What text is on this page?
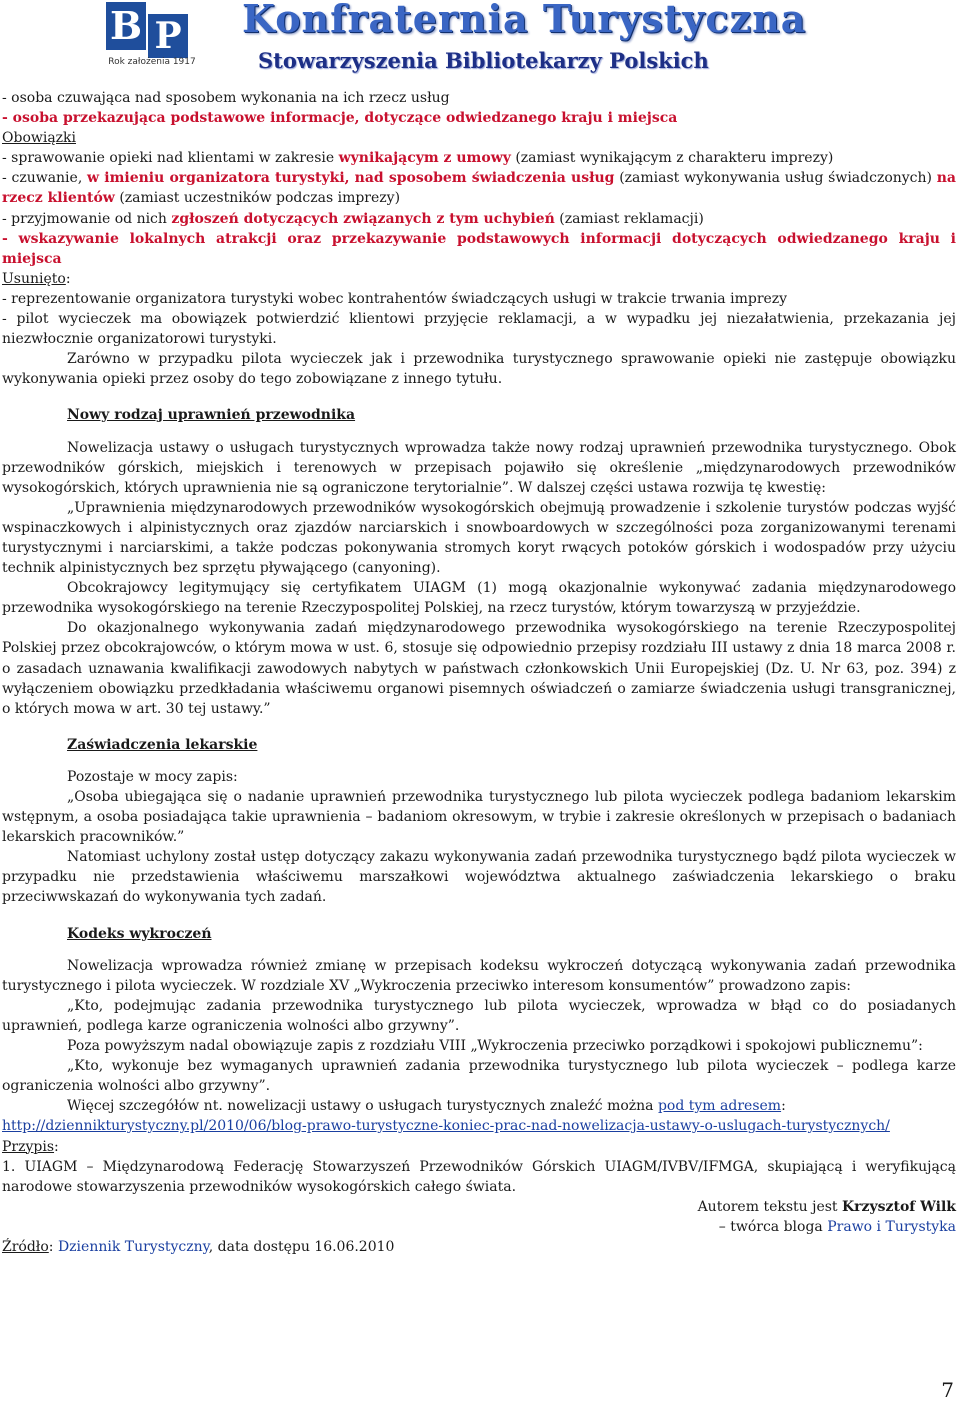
B P
Rok założenia 1917
Konfraternia Turystyczna
Stowarzyszenia Bibliotekarzy Polskich

- osoba czuwająca nad sposobem wykonania na ich rzecz usług

- osoba przekazująca podstawowe informacje, dotyczące odwiedzanego kraju i miejsca

Obowiązki

- sprawowanie opieki nad klientami w zakresie wynikającym z umowy (zamiast wynikającym z charakteru imprezy)

- czuwanie, w imieniu organizatora turystyki, nad sposobem świadczenia usług (zamiast wykonywania usług świadczonych) na rzecz klientów (zamiast uczestników podczas imprezy)

- przyjmowanie od nich zgłoszeń dotyczących związanych z tym uchybień (zamiast reklamacji)

- wskazywanie lokalnych atrakcji oraz przekazywanie podstawowych informacji dotyczących odwiedzanego kraju i miejsca

Usunięto:

- reprezentowanie organizatora turystyki wobec kontrahentów świadczących usługi w trakcie trwania imprezy

- pilot wycieczek ma obowiązek potwierdzić klientowi przyjęcie reklamacji, a w wypadku jej niezałatwienia, przekazania jej niezwłocznie organizatorowi turystyki.

Zarówno w przypadku pilota wycieczek jak i przewodnika turystycznego sprawowanie opieki nie zastępuje obowiązku wykonywania opieki przez osoby do tego zobowiązane z innego tytułu.

Nowy rodzaj uprawnień przewodnika

Nowelizacja ustawy o usługach turystycznych wprowadza także nowy rodzaj uprawnień przewodnika turystycznego. Obok przewodników górskich, miejskich i terenowych w przepisach pojawiło się określenie „międzynarodowych przewodników wysokogórskich, których uprawnienia nie są ograniczone terytorialnie”. W dalszej części ustawa rozwija tę kwestię:

„Uprawnienia międzynarodowych przewodników wysokogórskich obejmują prowadzenie i szkolenie turystów podczas wyjść wspinaczkowych i alpinistycznych oraz zjazdów narciarskich i snowboardowych w szczególności poza zorganizowanymi terenami turystycznymi i narciarskimi, a także podczas pokonywania stromych koryt rwących potoków górskich i wodospadów przy użyciu technik alpinistycznych bez sprzętu pływającego (canyoning).

Obcokrajowcy legitymujący się certyfikatem UIAGM (1) mogą okazjonalnie wykonywać zadania międzynarodowego przewodnika wysokogórskiego na terenie Rzeczypospolitej Polskiej, na rzecz turystów, którym towarzyszą w przyjeździe.

Do okazjonalnego wykonywania zadań międzynarodowego przewodnika wysokogórskiego na terenie Rzeczypospolitej Polskiej przez obcokrajowców, o którym mowa w ust. 6, stosuje się odpowiednio przepisy rozdziału III ustawy z dnia 18 marca 2008 r. o zasadach uznawania kwalifikacji zawodowych nabytych w państwach członkowskich Unii Europejskiej (Dz. U. Nr 63, poz. 394) z wyłączeniem obowiązku przedkładania właściwemu organowi pisemnych oświadczeń o zamiarze świadczenia usługi transgranicznej, o których mowa w art. 30 tej ustawy.”

Zaświadczenia lekarskie

Pozostaje w mocy zapis:

„Osoba ubiegająca się o nadanie uprawnień przewodnika turystycznego lub pilota wycieczek podlega badaniom lekarskim wstępnym, a osoba posiadająca takie uprawnienia – badaniom okresowym, w trybie i zakresie określonych w przepisach o badaniach lekarskich pracowników.”

Natomiast uchylony został ustęp dotyczący zakazu wykonywania zadań przewodnika turystycznego bądź pilota wycieczek w przypadku nie przedstawienia właściwemu marszałkowi województwa aktualnego zaświadczenia lekarskiego o braku przeciwwskazań do wykonywania tych zadań.

Kodeks wykroczeń

Nowelizacja wprowadza również zmianę w przepisach kodeksu wykroczeń dotyczącą wykonywania zadań przewodnika turystycznego i pilota wycieczek. W rozdziale XV „Wykroczenia przeciwko interesom konsumentów” prowadzono zapis:

„Kto, podejmując zadania przewodnika turystycznego lub pilota wycieczek, wprowadza w błąd co do posiadanych uprawnień, podlega karze ograniczenia wolności albo grzywny”.

Poza powyższym nadal obowiązuje zapis z rozdziału VIII „Wykroczenia przeciwko porządkowi i spokojowi publicznemu”:

„Kto, wykonuje bez wymaganych uprawnień zadania przewodnika turystycznego lub pilota wycieczek – podlega karze ograniczenia wolności albo grzywny”.

Więcej szczegółów nt. nowelizacji ustawy o usługach turystycznych znaleźć można pod tym adresem:

http://dziennikturystyczny.pl/2010/06/blog-prawo-turystyczne-koniec-prac-nad-nowelizacja-ustawy-o-uslugach-turystycznych/

Przypis:

1. UIAGM – Międzynarodową Federację Stowarzyszeń Przewodników Górskich UIAGM/IVBV/IFMGA, skupiającą i weryfikującą narodowe stowarzyszenia przewodników wysokogórskich całego świata.

Autorem tekstu jest Krzysztof Wilk

– twórca bloga Prawo i Turystyka

Źródło: Dziennik Turystyczny, data dostępu 16.06.2010

7
